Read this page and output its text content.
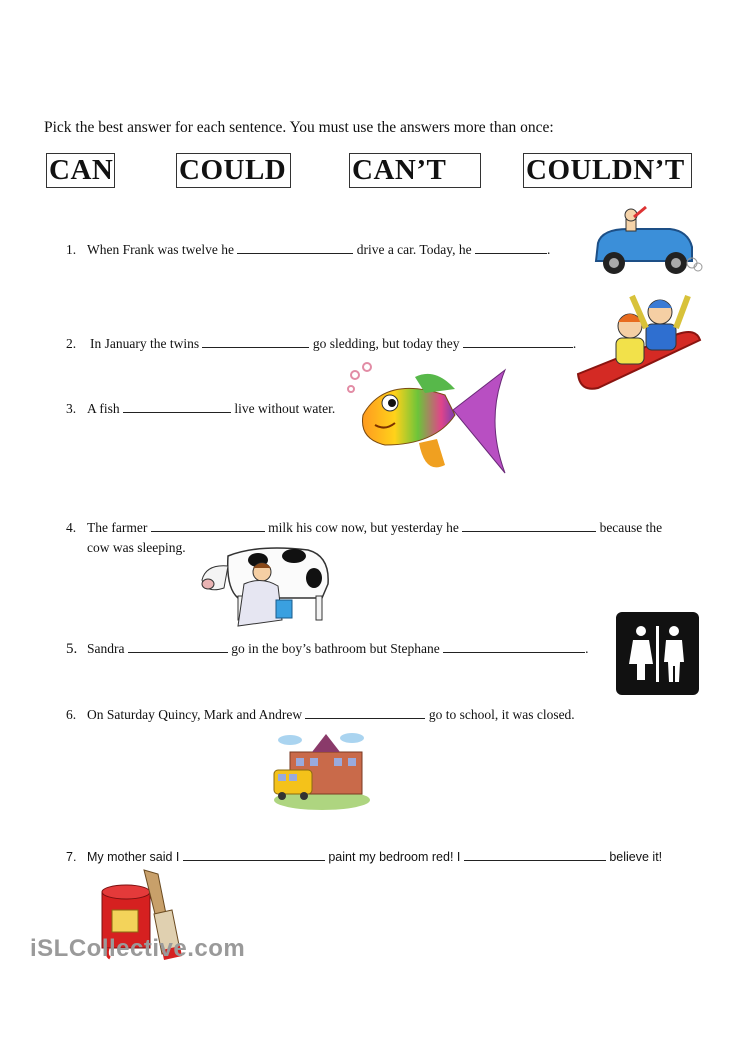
Pick the best answer for each sentence. You must use the answers more than once:
CAN COULD CAN’T	COULDN’T
1. When Frank was twelve he	drive a car. Today, he	.
2. In January the twins	go sledding, but today they	.
3. A fish	live without water.
4. The farmer	milk his cow now, but yesterday he	because the
cow was sleeping.
5. Sandra	go in the boy’s bathroom but Stephane	.
6. On Saturday Quincy, Mark and Andrew	go to school, it was closed.
7. My mother said I	paint my bedroom red! I	believe it!
iSLCollective.com
